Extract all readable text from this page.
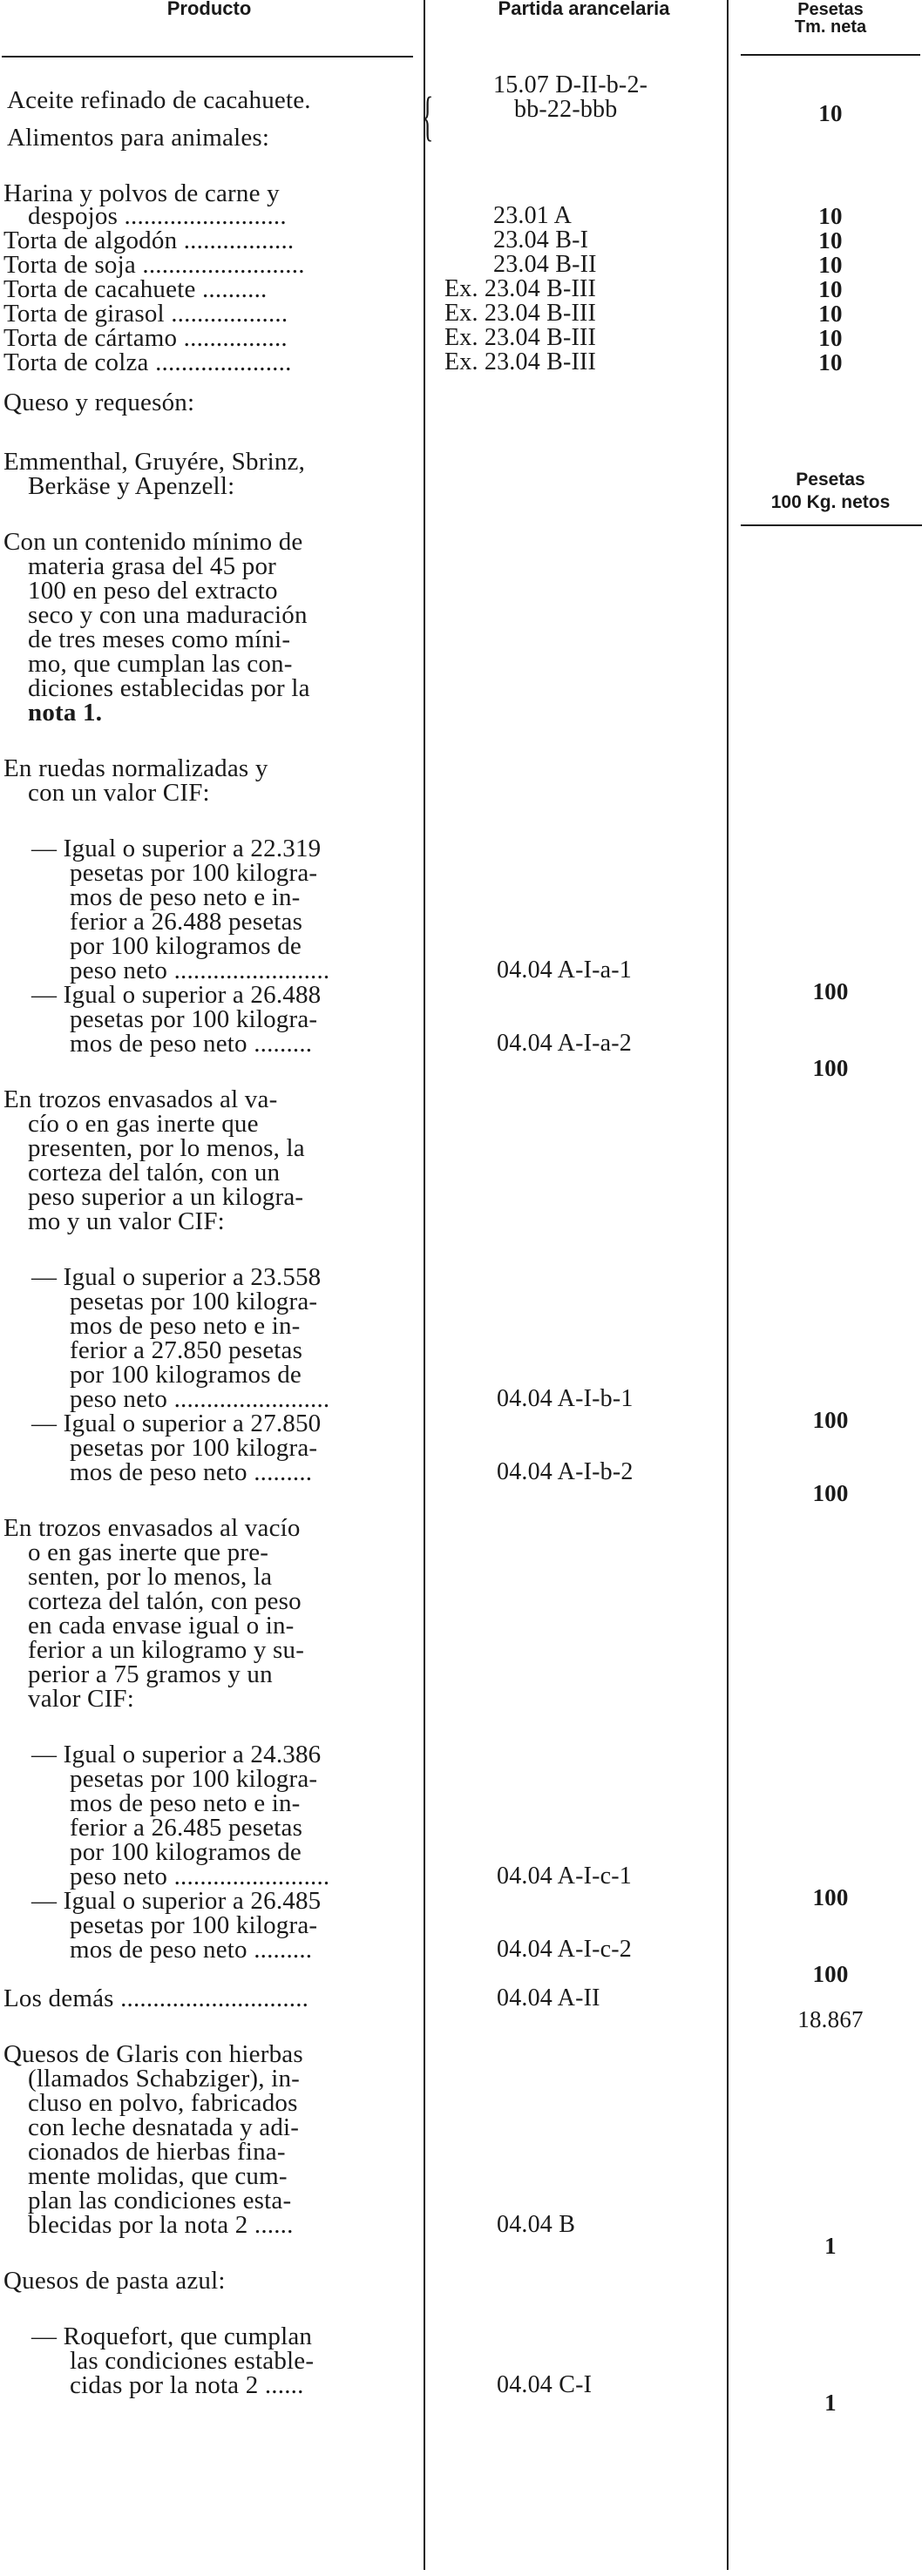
Producto	Partida arancelaria	Pesetas
Tm. neta
{
Pesetas
100 Kg. netos
Aceite refinado de cacahuete.
Alimentos para animales:
Harina y polvos de carne y
despojos .........................
Torta de algodón .................
Torta de soja .........................
Torta de cacahuete ..........
Torta de girasol ..................
Torta de cártamo ................
Torta de colza .....................
Queso y requesón:
Emmenthal, Gruyére, Sbrinz,
Berkäse y Apenzell:
Con un contenido mínimo de
materia grasa del 45 por
100 en peso del extracto
seco y con una maduración
de tres meses como míni-
mo, que cumplan las con-
diciones establecidas por la
nota 1.
En ruedas normalizadas y
con un valor CIF:
— Igual o superior a 22.319
pesetas por 100 kilogra-
mos de peso neto e in-
ferior a 26.488 pesetas
por 100 kilogramos de
peso neto ........................
— Igual o superior a 26.488
pesetas por 100 kilogra-
mos de peso neto .........
En trozos envasados al va-
cío o en gas inerte que
presenten, por lo menos, la
corteza del talón, con un
peso superior a un kilogra-
mo y un valor CIF:
— Igual o superior a 23.558
pesetas por 100 kilogra-
mos de peso neto e in-
ferior a 27.850 pesetas
por 100 kilogramos de
peso neto ........................
— Igual o superior a 27.850
pesetas por 100 kilogra-
mos de peso neto .........
En trozos envasados al vacío
o en gas inerte que pre-
senten, por lo menos, la
corteza del talón, con peso
en cada envase igual o in-
ferior a un kilogramo y su-
perior a 75 gramos y un
valor CIF:
— Igual o superior a 24.386
pesetas por 100 kilogra-
mos de peso neto e in-
ferior a 26.485 pesetas
por 100 kilogramos de
peso neto ........................
— Igual o superior a 26.485
pesetas por 100 kilogra-
mos de peso neto .........
Los demás .............................
Quesos de Glaris con hierbas
(llamados Schabziger), in-
cluso en polvo, fabricados
con leche desnatada y adi-
cionados de hierbas fina-
mente molidas, que cum-
plan las condiciones esta-
blecidas por la nota 2 ......
Quesos de pasta azul:
— Roquefort, que cumplan
las condiciones estable-
cidas por la nota 2 ......
15.07 D-II-b-2-
bb-22-bbb
23.01 A
23.04 B-I
23.04 B-II
Ex. 23.04 B-III
Ex. 23.04 B-III
Ex. 23.04 B-III
Ex. 23.04 B-III
04.04 A-I-a-1
04.04 A-I-a-2
04.04 A-I-b-1
04.04 A-I-b-2
04.04 A-I-c-1
04.04 A-I-c-2
04.04 A-II
04.04 B
04.04 C-I
10
10
10
10
10
10
10
10
100
100
100
100
100
100
18.867
1
1
